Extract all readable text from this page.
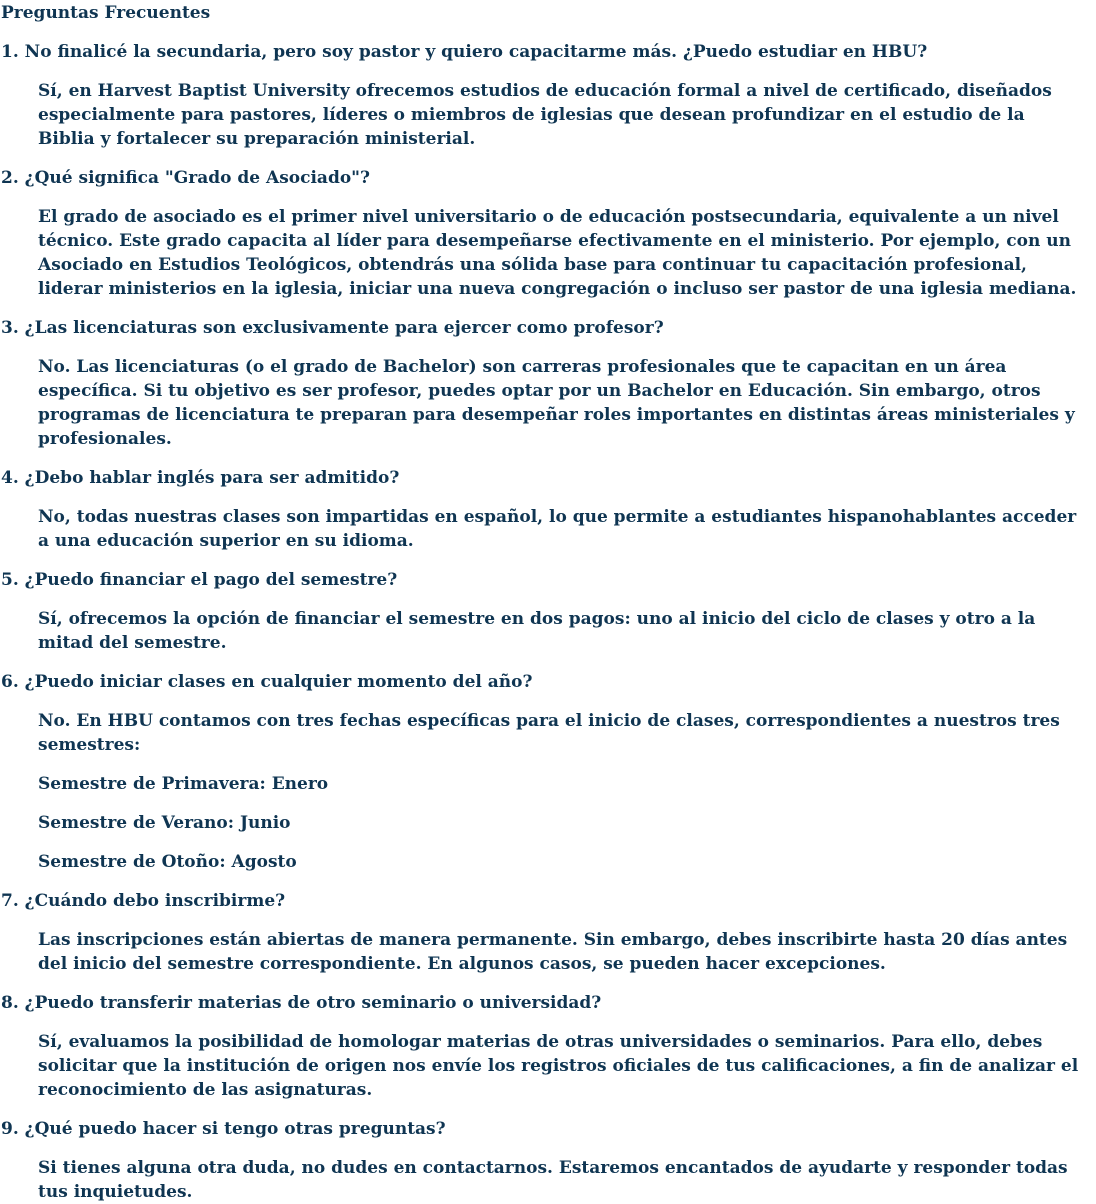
Preguntas Frecuentes
1. No finalicé la secundaria, pero soy pastor y quiero capacitarme más. ¿Puedo estudiar en HBU?

Sí, en Harvest Baptist University ofrecemos estudios de educación formal a nivel de certificado, diseñados especialmente para pastores, líderes o miembros de iglesias que desean profundizar en el estudio de la Biblia y fortalecer su preparación ministerial.

2. ¿Qué significa "Grado de Asociado"?

El grado de asociado es el primer nivel universitario o de educación postsecundaria, equivalente a un nivel técnico. Este grado capacita al líder para desempeñarse efectivamente en el ministerio. Por ejemplo, con un Asociado en Estudios Teológicos, obtendrás una sólida base para continuar tu capacitación profesional, liderar ministerios en la iglesia, iniciar una nueva congregación o incluso ser pastor de una iglesia mediana.

3. ¿Las licenciaturas son exclusivamente para ejercer como profesor?

No. Las licenciaturas (o el grado de Bachelor) son carreras profesionales que te capacitan en un área específica. Si tu objetivo es ser profesor, puedes optar por un Bachelor en Educación. Sin embargo, otros programas de licenciatura te preparan para desempeñar roles importantes en distintas áreas ministeriales y profesionales.

4. ¿Debo hablar inglés para ser admitido?

No, todas nuestras clases son impartidas en español, lo que permite a estudiantes hispanohablantes acceder a una educación superior en su idioma.

5. ¿Puedo financiar el pago del semestre?

Sí, ofrecemos la opción de financiar el semestre en dos pagos: uno al inicio del ciclo de clases y otro a la mitad del semestre.

6. ¿Puedo iniciar clases en cualquier momento del año?

No. En HBU contamos con tres fechas específicas para el inicio de clases, correspondientes a nuestros tres semestres:

Semestre de Primavera: Enero

Semestre de Verano: Junio

Semestre de Otoño: Agosto

7. ¿Cuándo debo inscribirme?

Las inscripciones están abiertas de manera permanente. Sin embargo, debes inscribirte hasta 20 días antes del inicio del semestre correspondiente. En algunos casos, se pueden hacer excepciones.

8. ¿Puedo transferir materias de otro seminario o universidad?

Sí, evaluamos la posibilidad de homologar materias de otras universidades o seminarios. Para ello, debes solicitar que la institución de origen nos envíe los registros oficiales de tus calificaciones, a fin de analizar el reconocimiento de las asignaturas.

9. ¿Qué puedo hacer si tengo otras preguntas?

Si tienes alguna otra duda, no dudes en contactarnos. Estaremos encantados de ayudarte y responder todas tus inquietudes.
